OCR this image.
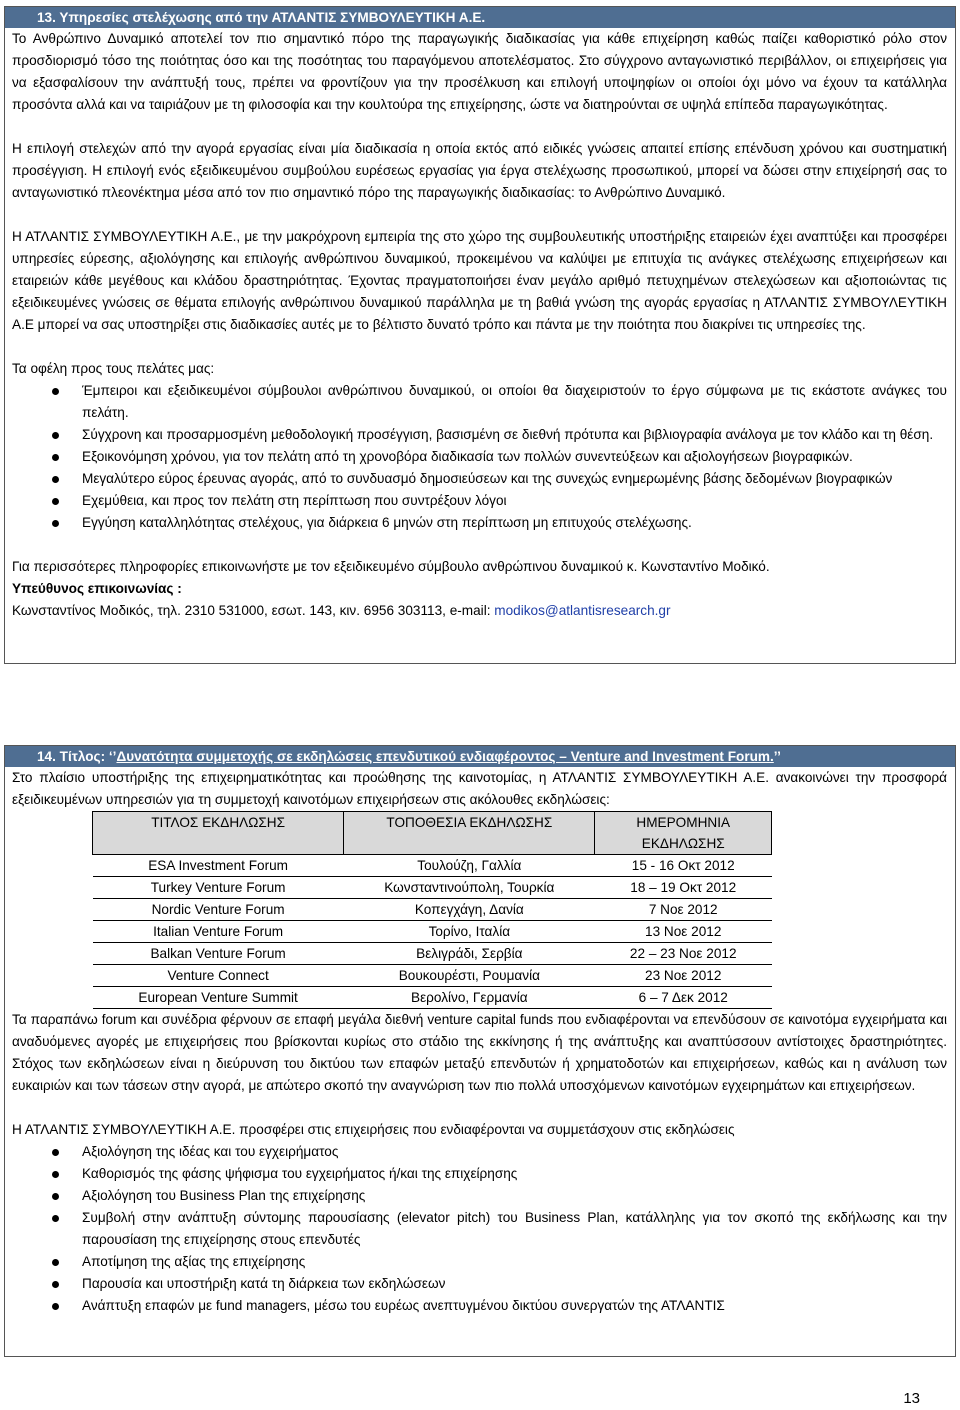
13. Υπηρεσίες στελέχωσης από την ΑΤΛΑΝΤΙΣ ΣΥΜΒΟΥΛΕΥΤΙΚΗ Α.Ε.

Το Ανθρώπινο Δυναμικό αποτελεί τον πιο σημαντικό πόρο της παραγωγικής διαδικασίας για κάθε επιχείρηση καθώς παίζει καθοριστικό ρόλο στον προσδιορισμό τόσο της ποιότητας όσο και της ποσότητας του παραγόμενου αποτελέσματος. Στο σύγχρονο ανταγωνιστικό περιβάλλον, οι επιχειρήσεις για να εξασφαλίσουν την ανάπτυξή τους, πρέπει να φροντίζουν για την προσέλκυση και επιλογή υποψηφίων οι οποίοι όχι μόνο να έχουν τα κατάλληλα προσόντα αλλά και να ταιριάζουν με τη φιλοσοφία και την κουλτούρα της επιχείρησης, ώστε να διατηρούνται σε υψηλά επίπεδα παραγωγικότητας.

Η επιλογή στελεχών από την αγορά εργασίας είναι μία διαδικασία η οποία εκτός από ειδικές γνώσεις απαιτεί επίσης επένδυση χρόνου και συστηματική προσέγγιση. Η επιλογή ενός εξειδικευμένου συμβούλου ευρέσεως εργασίας για έργα στελέχωσης προσωπικού, μπορεί να δώσει στην επιχείρησή σας το ανταγωνιστικό πλεονέκτημα μέσα από τον πιο σημαντικό πόρο της παραγωγικής διαδικασίας: το Ανθρώπινο Δυναμικό.

Η ΑΤΛΑΝΤΙΣ ΣΥΜΒΟΥΛΕΥΤΙΚΗ Α.Ε., με την μακρόχρονη εμπειρία της στο χώρο της συμβουλευτικής υποστήριξης εταιρειών έχει αναπτύξει και προσφέρει υπηρεσίες εύρεσης, αξιολόγησης και επιλογής ανθρώπινου δυναμικού, προκειμένου να καλύψει με επιτυχία τις ανάγκες στελέχωσης επιχειρήσεων και εταιρειών κάθε μεγέθους και κλάδου δραστηριότητας. Έχοντας πραγματοποιήσει έναν μεγάλο αριθμό πετυχημένων στελεχώσεων και αξιοποιώντας τις εξειδικευμένες γνώσεις σε θέματα επιλογής ανθρώπινου δυναμικού παράλληλα με τη βαθιά γνώση της αγοράς εργασίας η ΑΤΛΑΝΤΙΣ ΣΥΜΒΟΥΛΕΥΤΙΚΗ Α.Ε μπορεί να σας υποστηρίξει στις διαδικασίες αυτές με το βέλτιστο δυνατό τρόπο και πάντα με την ποιότητα που διακρίνει τις υπηρεσίες της.

Τα οφέλη προς τους πελάτες μας:

Έμπειροι και εξειδικευμένοι σύμβουλοι ανθρώπινου δυναμικού, οι οποίοι θα διαχειριστούν το έργο σύμφωνα με τις εκάστοτε ανάγκες του πελάτη.
Σύγχρονη και προσαρμοσμένη μεθοδολογική προσέγγιση, βασισμένη σε διεθνή πρότυπα και βιβλιογραφία ανάλογα με τον κλάδο και τη θέση.
Εξοικονόμηση χρόνου, για τον πελάτη από τη χρονοβόρα διαδικασία των πολλών συνεντεύξεων και αξιολογήσεων βιογραφικών.
Μεγαλύτερο εύρος έρευνας αγοράς, από το συνδυασμό δημοσιεύσεων και της συνεχώς ενημερωμένης βάσης δεδομένων βιογραφικών
Εχεμύθεια, και προς τον πελάτη στη περίπτωση που συντρέξουν λόγοι
Εγγύηση καταλληλότητας στελέχους, για διάρκεια 6 μηνών στη περίπτωση μη επιτυχούς στελέχωσης.

Για περισσότερες πληροφορίες επικοινωνήστε με τον εξειδικευμένο σύμβουλο ανθρώπινου δυναμικού κ. Κωνσταντίνο Μοδικό.

Υπεύθυνος επικοινωνίας :

Κωνσταντίνος Μοδικός, τηλ. 2310 531000, εσωτ. 143, κιν. 6956 303113, e-mail: modikos@atlantisresearch.gr

14. Τίτλος: ‘’Δυνατότητα συμμετοχής σε εκδηλώσεις επενδυτικού ενδιαφέροντος – Venture and Investment Forum.’’

Στο πλαίσιο υποστήριξης της επιχειρηματικότητας και προώθησης της καινοτομίας, η ΑΤΛΑΝΤΙΣ ΣΥΜΒΟΥΛΕΥΤΙΚΗ Α.Ε. ανακοινώνει την προσφορά εξειδικευμένων υπηρεσιών για τη συμμετοχή καινοτόμων επιχειρήσεων στις ακόλουθες εκδηλώσεις:

ΤΙΤΛΟΣ ΕΚΔΗΛΩΣΗΣ	ΤΟΠΟΘΕΣΙΑ ΕΚΔΗΛΩΣΗΣ	ΗΜΕΡΟΜΗΝΙΑ ΕΚΔΗΛΩΣΗΣ
ESA Investment Forum	Τουλούζη, Γαλλία	15 - 16 Οκτ 2012
Turkey Venture Forum	Κωνσταντινούπολη, Τουρκία	18 – 19 Οκτ 2012
Nordic Venture Forum	Κοπεγχάγη, Δανία	7 Νοε 2012
Italian Venture Forum	Τορίνο, Ιταλία	13 Νοε 2012
Balkan Venture Forum	Βελιγράδι, Σερβία	22 – 23 Νοε 2012
Venture Connect	Βουκουρέστι, Ρουμανία	23 Νοε 2012
European Venture Summit	Βερολίνο, Γερμανία	6 – 7 Δεκ 2012

Τα παραπάνω forum και συνέδρια φέρνουν σε επαφή μεγάλα διεθνή venture capital funds που ενδιαφέρονται να επενδύσουν σε καινοτόμα εγχειρήματα και αναδυόμενες αγορές με επιχειρήσεις που βρίσκονται κυρίως στο στάδιο της εκκίνησης ή της ανάπτυξης και αναπτύσσουν αντίστοιχες δραστηριότητες. Στόχος των εκδηλώσεων είναι η διεύρυνση του δικτύου των επαφών μεταξύ επενδυτών ή χρηματοδοτών και επιχειρήσεων, καθώς και η ανάλυση των ευκαιριών και των τάσεων στην αγορά, με απώτερο σκοπό την αναγνώριση των πιο πολλά υποσχόμενων καινοτόμων εγχειρημάτων και επιχειρήσεων.

Η ΑΤΛΑΝΤΙΣ ΣΥΜΒΟΥΛΕΥΤΙΚΗ Α.Ε. προσφέρει στις επιχειρήσεις που ενδιαφέρονται να συμμετάσχουν στις εκδηλώσεις

Αξιολόγηση της ιδέας και του εγχειρήματος
Καθορισμός της φάσης ψήφισμα του εγχειρήματος ή/και της επιχείρησης
Αξιολόγηση του Business Plan της επιχείρησης
Συμβολή στην ανάπτυξη σύντομης παρουσίασης (elevator pitch) του Business Plan, κατάλληλης για τον σκοπό της εκδήλωσης και την παρουσίαση της επιχείρησης στους επενδυτές
Αποτίμηση της αξίας της επιχείρησης
Παρουσία και υποστήριξη κατά τη διάρκεια των εκδηλώσεων
Ανάπτυξη επαφών με fund managers, μέσω του ευρέως ανεπτυγμένου δικτύου συνεργατών της ΑΤΛΑΝΤΙΣ
13
